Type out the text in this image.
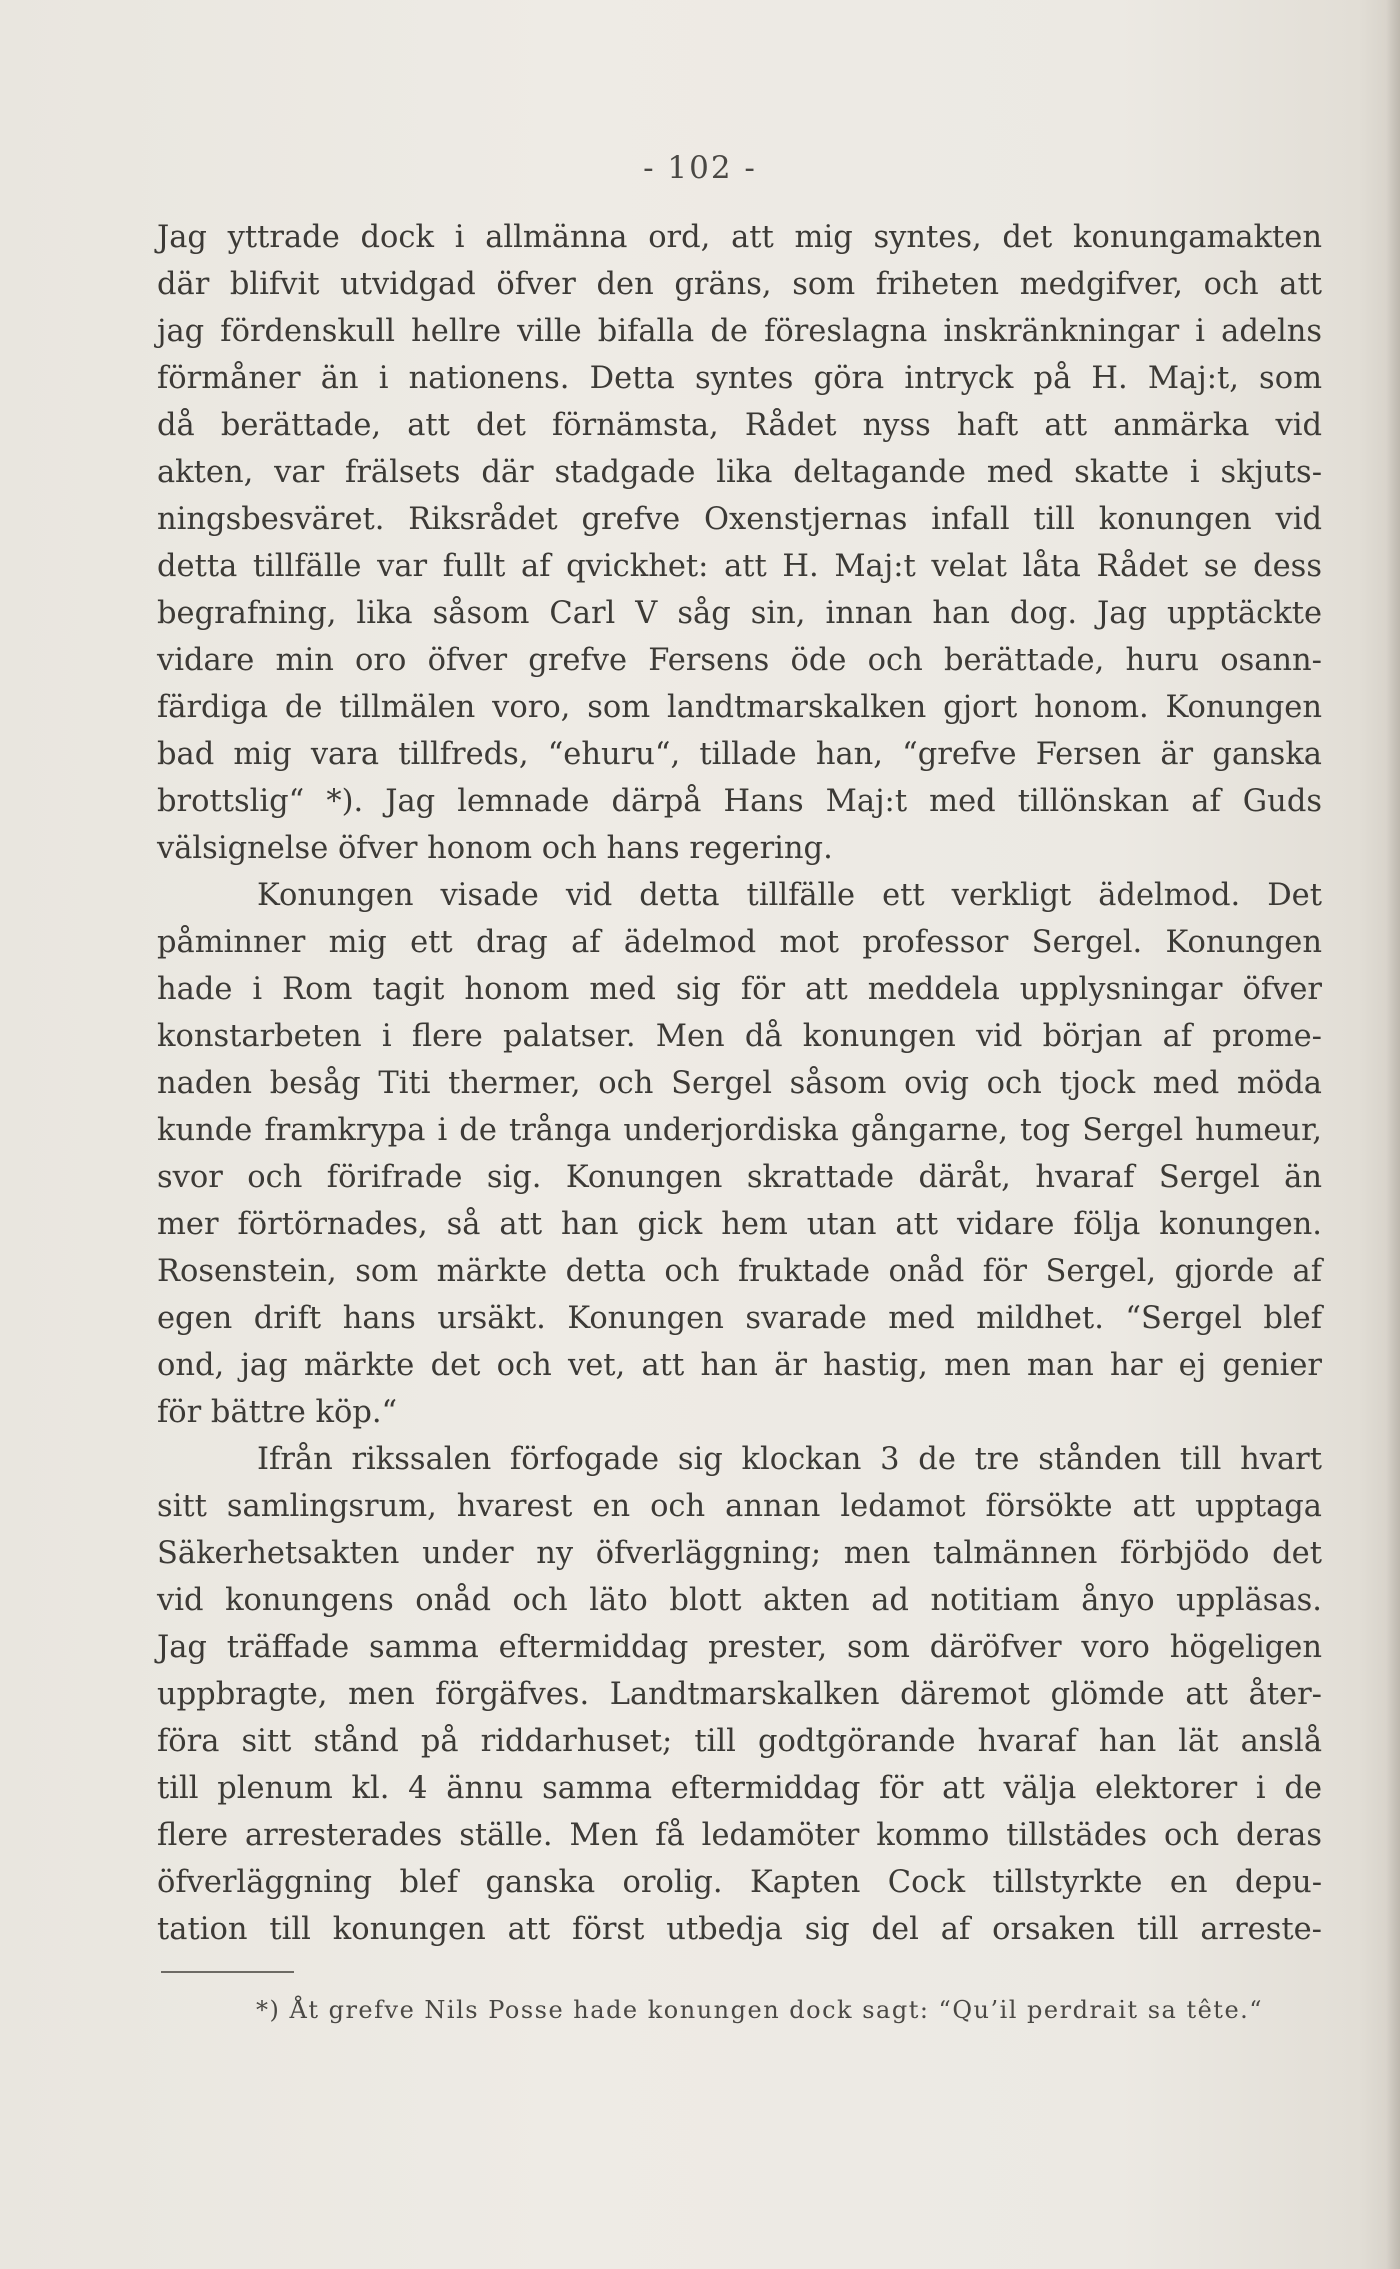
- 102 -
Jag yttrade dock i allmänna ord, att mig syntes, det konungamakten
där blifvit utvidgad öfver den gräns, som friheten medgifver, och att
jag fördenskull hellre ville bifalla de föreslagna inskränkningar i adelns
förmåner än i nationens. Detta syntes göra intryck på H. Maj:t, som
då berättade, att det förnämsta, Rådet nyss haft att anmärka vid
akten, var frälsets där stadgade lika deltagande med skatte i skjuts-
ningsbesväret. Riksrådet grefve Oxenstjernas infall till konungen vid
detta tillfälle var fullt af qvickhet: att H. Maj:t velat låta Rådet se dess
begrafning, lika såsom Carl V såg sin, innan han dog. Jag upptäckte
vidare min oro öfver grefve Fersens öde och berättade, huru osann-
färdiga de tillmälen voro, som landtmarskalken gjort honom. Konungen
bad mig vara tillfreds, “ehuru“, tillade han, “grefve Fersen är ganska
brottslig“ *). Jag lemnade därpå Hans Maj:t med tillönskan af Guds
välsignelse öfver honom och hans regering.
Konungen visade vid detta tillfälle ett verkligt ädelmod. Det
påminner mig ett drag af ädelmod mot professor Sergel. Konungen
hade i Rom tagit honom med sig för att meddela upplysningar öfver
konstarbeten i flere palatser. Men då konungen vid början af prome-
naden besåg Titi thermer, och Sergel såsom ovig och tjock med möda
kunde framkrypa i de trånga underjordiska gångarne, tog Sergel humeur,
svor och förifrade sig. Konungen skrattade däråt, hvaraf Sergel än
mer förtörnades, så att han gick hem utan att vidare följa konungen.
Rosenstein, som märkte detta och fruktade onåd för Sergel, gjorde af
egen drift hans ursäkt. Konungen svarade med mildhet. “Sergel blef
ond, jag märkte det och vet, att han är hastig, men man har ej genier
för bättre köp.“
Ifrån rikssalen förfogade sig klockan 3 de tre stånden till hvart
sitt samlingsrum, hvarest en och annan ledamot försökte att upptaga
Säkerhetsakten under ny öfverläggning; men talmännen förbjödo det
vid konungens onåd och läto blott akten ad notitiam ånyo uppläsas.
Jag träffade samma eftermiddag prester, som däröfver voro högeligen
uppbragte, men förgäfves. Landtmarskalken däremot glömde att åter-
föra sitt stånd på riddarhuset; till godtgörande hvaraf han lät anslå
till plenum kl. 4 ännu samma eftermiddag för att välja elektorer i de
flere arresterades ställe. Men få ledamöter kommo tillstädes och deras
öfverläggning blef ganska orolig. Kapten Cock tillstyrkte en depu-
tation till konungen att först utbedja sig del af orsaken till arreste-
*) Åt grefve Nils Posse hade konungen dock sagt: “Qu’il perdrait sa tête.“
